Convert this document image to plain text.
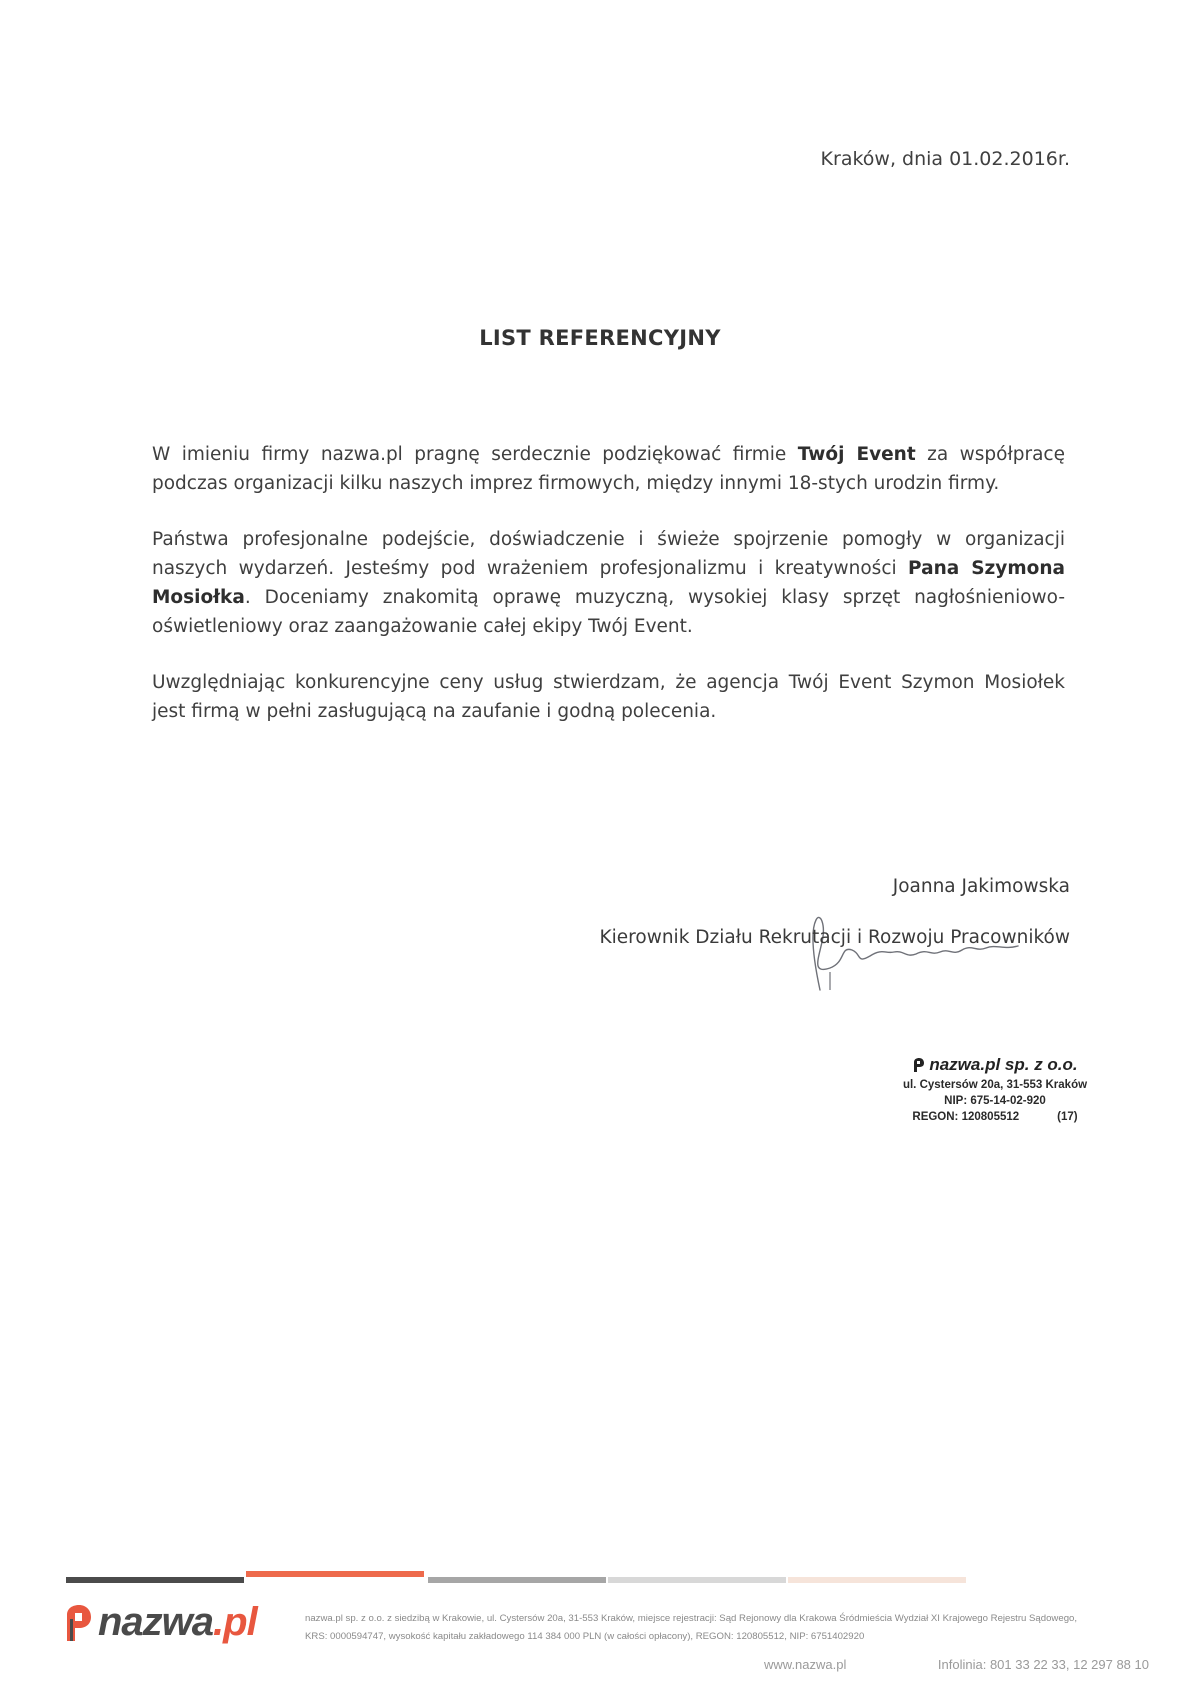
Kraków, dnia 01.02.2016r.
LIST REFERENCYJNY

W imieniu firmy nazwa.pl pragnę serdecznie podziękować firmie Twój Event za współpracę podczas organizacji kilku naszych imprez firmowych, między innymi 18-stych urodzin firmy.

Państwa profesjonalne podejście, doświadczenie i świeże spojrzenie pomogły w organizacji naszych wydarzeń. Jesteśmy pod wrażeniem profesjonalizmu i kreatywności Pana Szymona Mosiołka. Doceniamy znakomitą oprawę muzyczną, wysokiej klasy sprzęt nagłośnieniowo-oświetleniowy oraz zaangażowanie całej ekipy Twój Event.

Uwzględniając konkurencyjne ceny usług stwierdzam, że agencja Twój Event Szymon Mosiołek jest firmą w pełni zasługującą na zaufanie i godną polecenia.

Joanna Jakimowska
Kierownik Działu Rekrutacji i Rozwoju Pracowników
nazwa.pl sp. z o.o.
ul. Cystersów 20a, 31-553 Kraków
NIP: 675-14-02-920
REGON: 120805512	(17)
nazwa.pl	nazwa.pl sp. z o.o. z siedzibą w Krakowie, ul. Cystersów 20a, 31-553 Kraków, miejsce rejestracji: Sąd Rejonowy dla Krakowa Śródmieścia Wydział XI Krajowego Rejestru Sądowego,
KRS: 0000594747, wysokość kapitału zakładowego 114 384 000 PLN (w całości opłacony), REGON: 120805512, NIP: 6751402920
www.nazwa.pl	Infolinia: 801 33 22 33, 12 297 88 10
